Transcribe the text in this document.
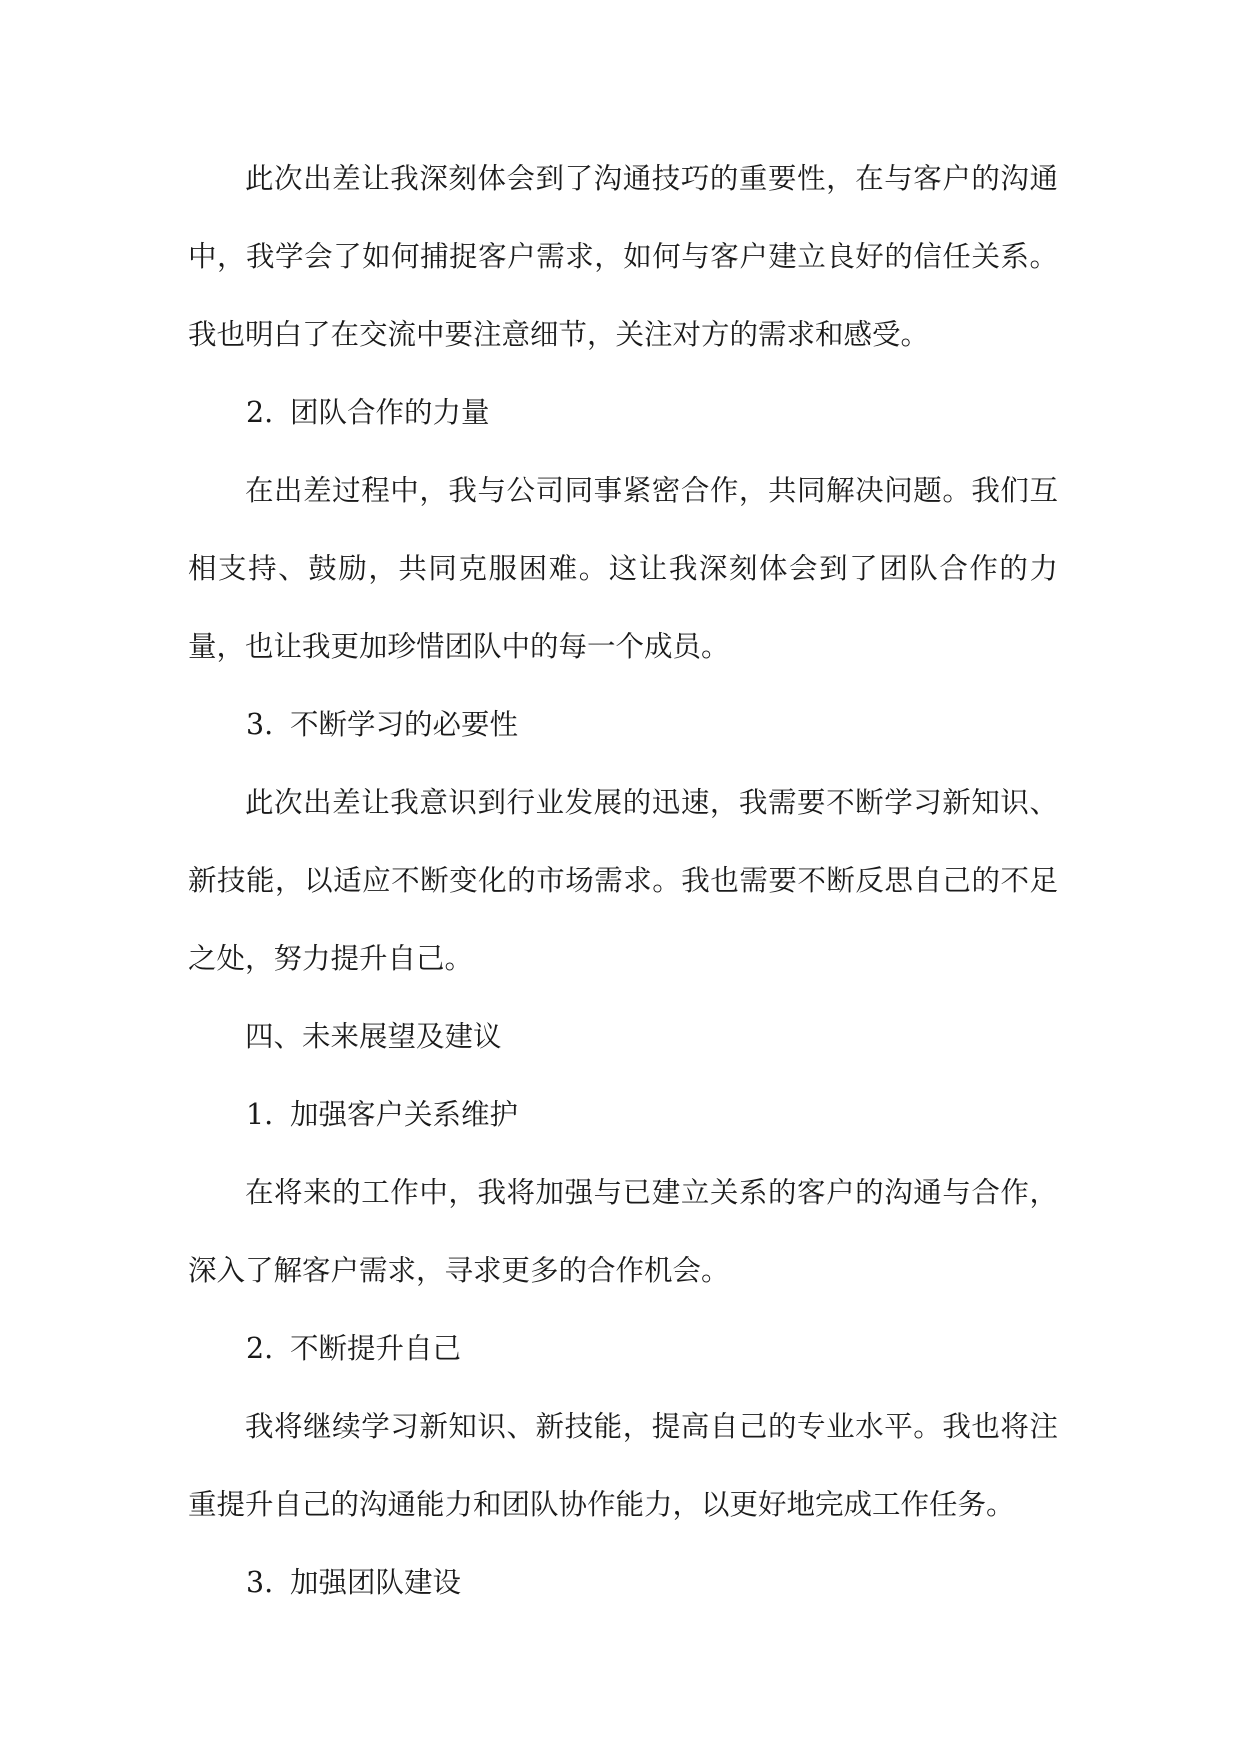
此次出差让我深刻体会到了沟通技巧的重要性，在与客户的沟通中，我学会了如何捕捉客户需求，如何与客户建立良好的信任关系。我也明白了在交流中要注意细节，关注对方的需求和感受。

2. 团队合作的力量

在出差过程中，我与公司同事紧密合作，共同解决问题。我们互相支持、鼓励，共同克服困难。这让我深刻体会到了团队合作的力量，也让我更加珍惜团队中的每一个成员。

3. 不断学习的必要性

此次出差让我意识到行业发展的迅速，我需要不断学习新知识、新技能，以适应不断变化的市场需求。我也需要不断反思自己的不足之处，努力提升自己。

四、未来展望及建议

1. 加强客户关系维护

在将来的工作中，我将加强与已建立关系的客户的沟通与合作，深入了解客户需求，寻求更多的合作机会。

2. 不断提升自己

我将继续学习新知识、新技能，提高自己的专业水平。我也将注重提升自己的沟通能力和团队协作能力，以更好地完成工作任务。

3. 加强团队建设
